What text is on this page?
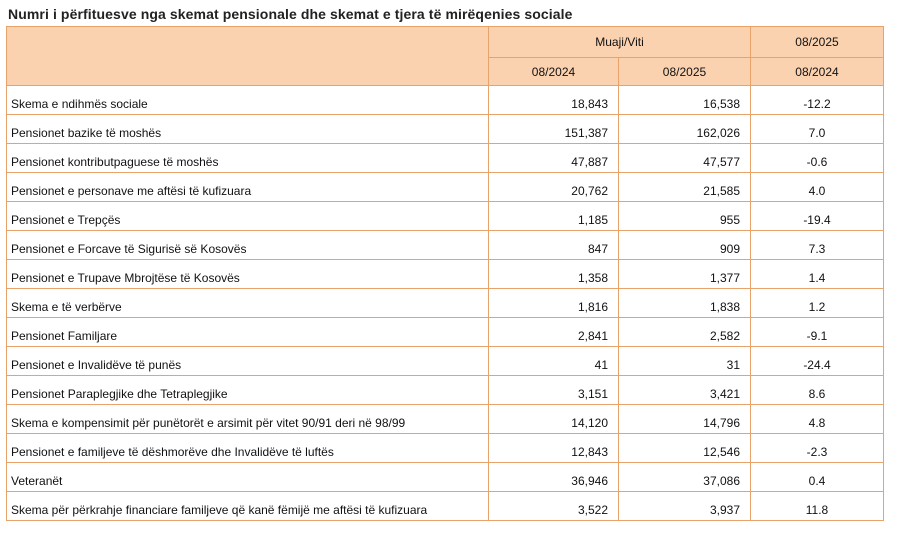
Numri i përfituesve nga skemat pensionale dhe skemat e tjera të mirëqenies sociale
	Muaji/Viti		08/2025
	08/2024	08/2025	08/2024
Skema e ndihmës sociale	18,843	16,538	-12.2
Pensionet bazike të moshës	151,387	162,026	7.0
Pensionet kontributpaguese të moshës	47,887	47,577	-0.6
Pensionet e personave me aftësi të kufizuara	20,762	21,585	4.0
Pensionet e Trepçës	1,185	955	-19.4
Pensionet e Forcave të Sigurisë së Kosovës	847	909	7.3
Pensionet e Trupave Mbrojtëse të Kosovës	1,358	1,377	1.4
Skema e të verbërve	1,816	1,838	1.2
Pensionet Familjare	2,841	2,582	-9.1
Pensionet e Invalidëve të punës	41	31	-24.4
Pensionet Paraplegjike dhe Tetraplegjike	3,151	3,421	8.6
Skema e kompensimit për punëtorët e arsimit për vitet 90/91 deri në 98/99	14,120	14,796	4.8
Pensionet e familjeve të dëshmorëve dhe Invalidëve të luftës	12,843	12,546	-2.3
Veteranët	36,946	37,086	0.4
Skema për përkrahje financiare familjeve që kanë fëmijë me aftësi të kufizuara	3,522	3,937	11.8
